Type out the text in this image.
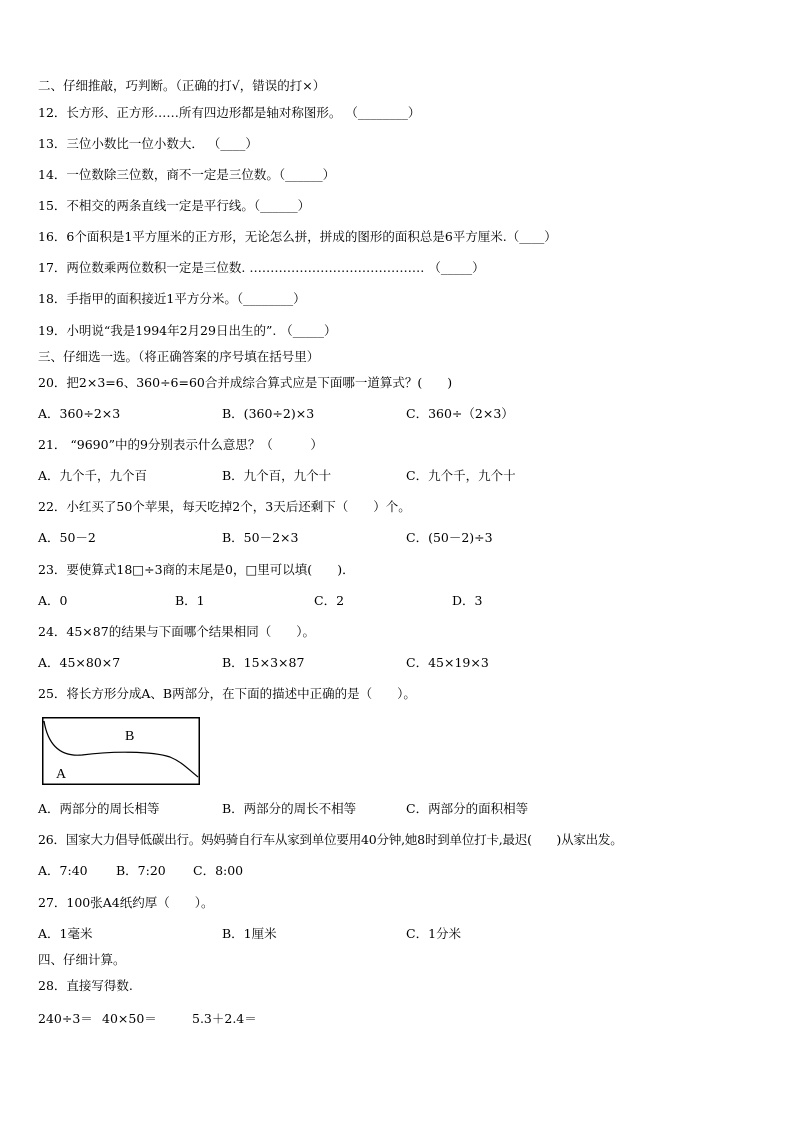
二、仔细推敲，巧判断。（正确的打√，错误的打×）
12．长方形、正方形……所有四边形都是轴对称图形。 （________）
13．三位小数比一位小数大． （____）
14．一位数除三位数，商不一定是三位数。（______）
15．不相交的两条直线一定是平行线。（______）
16．6个面积是1平方厘米的正方形，无论怎么拼，拼成的图形的面积总是6平方厘米.（____）
17．两位数乘两位数积一定是三位数. …………………………………… （_____）
18．手指甲的面积接近1平方分米。（________）
19．小明说“我是1994年2月29日出生的”. （_____）
三、仔细选一选。（将正确答案的序号填在括号里）
20．把2×3=6、360÷6=60合并成综合算式应是下面哪一道算式？(　　)
A．360÷2×3	B．(360÷2)×3	C．360÷（2×3）
21． “9690”中的9分别表示什么意思？（　　　）
A．九个千，九个百	B．九个百，九个十	C．九个千，九个十
22．小红买了50个苹果，每天吃掉2个，3天后还剩下（　　）个。
A．50－2	B．50－2×3	C．(50－2)÷3
23．要使算式18□÷3商的末尾是0，□里可以填(　　)．
A．0	B．1	C．2	D．3
24．45×87的结果与下面哪个结果相同（　　）。
A．45×80×7	B．15×3×87	C．45×19×3
25．将长方形分成A、B两部分，在下面的描述中正确的是（　　）。
B
A
A．两部分的周长相等	B．两部分的周长不相等	C．两部分的面积相等
26．国家大力倡导低碳出行。妈妈骑自行车从家到单位要用40分钟,她8时到单位打卡,最迟(　　)从家出发。
A．7:40 B．7:20 C．8:00
27．100张A4纸约厚（　　）。
A．1毫米	B．1厘米	C．1分米
四、仔细计算。
28．直接写得数.
240÷3＝ 40×50＝	5.3＋2.4＝
